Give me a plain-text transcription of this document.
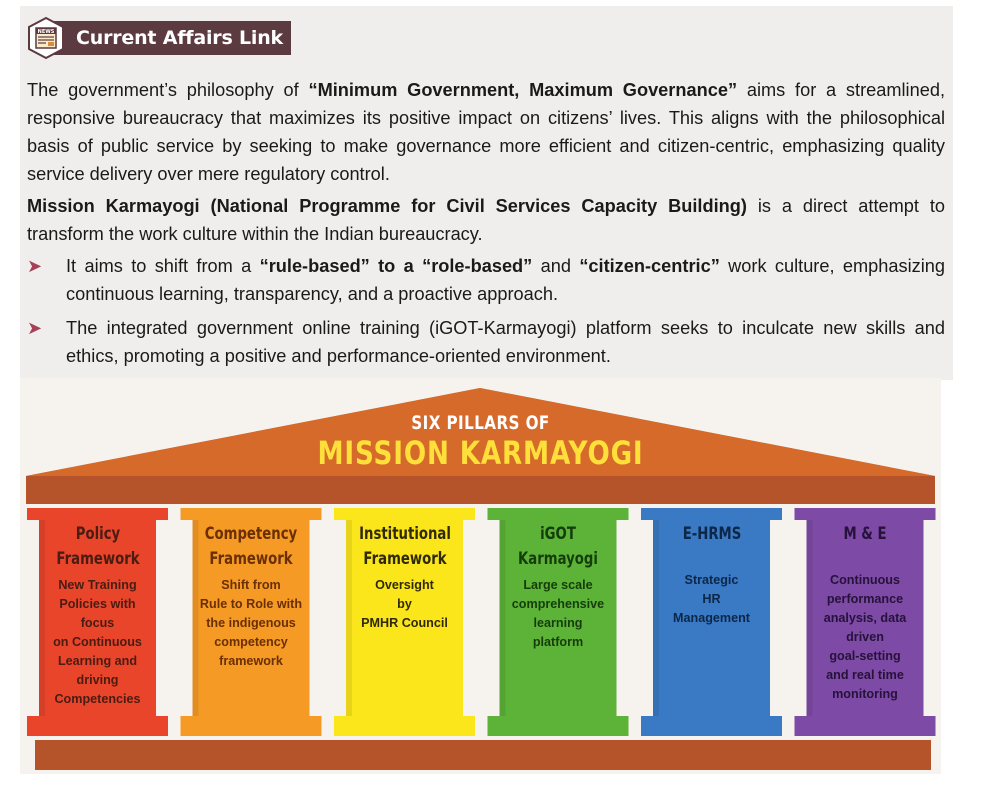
NEWS	Current Affairs Link

The government’s philosophy of “Minimum Government, Maximum Governance” aims for a streamlined, responsive bureaucracy that maximizes its positive impact on citizens’ lives. This aligns with the philosophical basis of public service by seeking to make governance more efficient and citizen-centric, emphasizing quality service delivery over mere regulatory control.

Mission Karmayogi (National Programme for Civil Services Capacity Building) is a direct attempt to transform the work culture within the Indian bureaucracy.

➤ It aims to shift from a “rule-based” to a “role-based” and “citizen-centric” work culture, emphasizing continuous learning, transparency, and a proactive approach.
➤ The integrated government online training (iGOT-Karmayogi) platform seeks to inculcate new skills and ethics, promoting a positive and performance-oriented environment.
SIX PILLARS OF
MISSION KARMAYOGI
Policy
Framework
New Training
Policies with
focus
on Continuous
Learning and
driving
Competencies
Competency
Framework
Shift from
Rule to Role with
the indigenous
competency
framework
Institutional
Framework
Oversight
by
PMHR Council
iGOT
Karmayogi
Large scale
comprehensive
learning
platform
E-HRMS
Strategic
HR
Management
M & E
Continuous
performance
analysis, data
driven
goal-setting
and real time
monitoring
